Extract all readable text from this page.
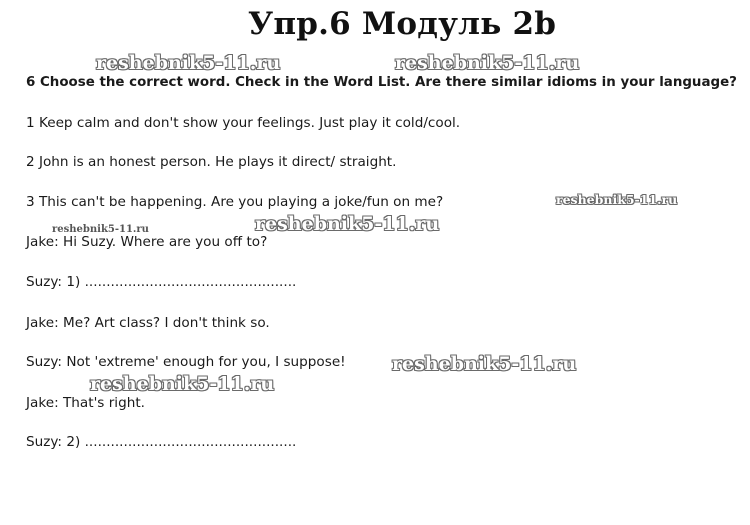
Упр.6 Модуль 2b
reshebnik5-11.ru	reshebnik5-11.ru
6 Choose the correct word. Check in the Word List. Are there similar idioms in your language?
1 Keep calm and don't show your feelings. Just play it cold/cool.
2 John is an honest person. He plays it direct/ straight.
3 This can't be happening. Are you playing a joke/fun on me?	reshebnik5-11.ru
reshebnik5-11.ru	reshebnik5-11.ru
Jake: Hi Suzy. Where are you off to?
Suzy: 1) .................................................
Jake: Me? Art class? I don't think so.
Suzy: Not 'extreme' enough for you, I suppose! reshebnik5-11.ru
reshebnik5-11.ru
Jake: That's right.
Suzy: 2) .................................................
